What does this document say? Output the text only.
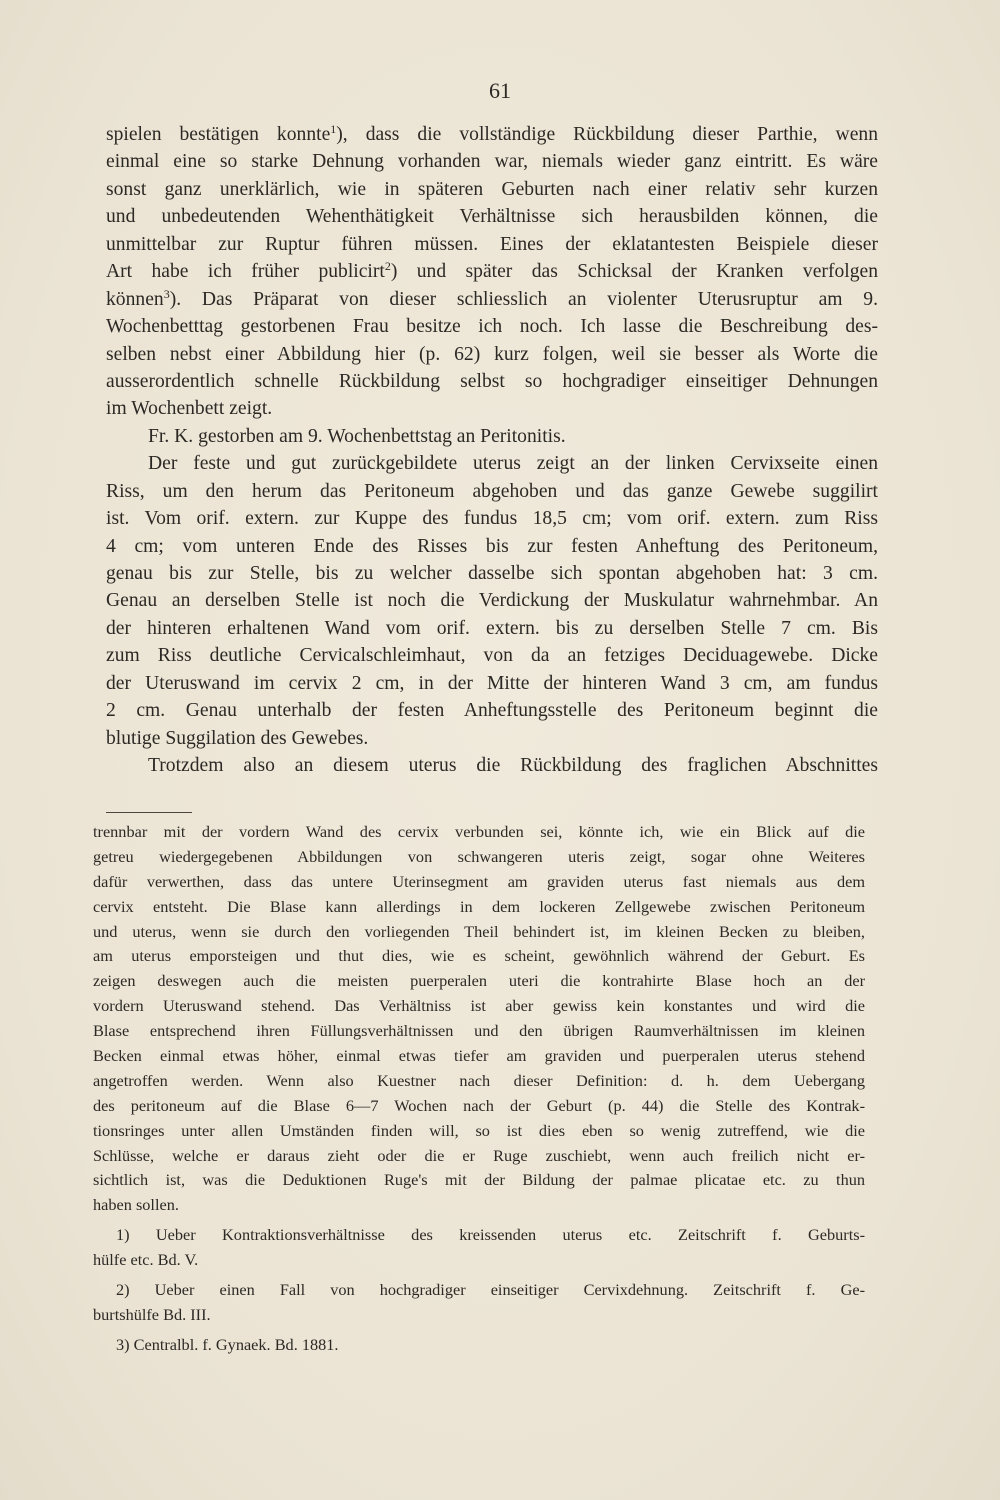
61
spielen bestätigen konnte$^1$), dass die vollständige Rückbildung dieser Parthie, wenn
einmal eine so starke Dehnung vorhanden war, niemals wieder ganz eintritt. Es wäre
sonst ganz unerklärlich, wie in späteren Geburten nach einer relativ sehr kurzen
und unbedeutenden Wehenthätigkeit Verhältnisse sich herausbilden können, die
unmittelbar zur Ruptur führen müssen. Eines der eklatantesten Beispiele dieser
Art habe ich früher publicirt$^2$) und später das Schicksal der Kranken verfolgen
können$^3$). Das Präparat von dieser schliesslich an violenter Uterusruptur am 9.
Wochenbetttag gestorbenen Frau besitze ich noch. Ich lasse die Beschreibung des-
selben nebst einer Abbildung hier (p. 62) kurz folgen, weil sie besser als Worte die
ausserordentlich schnelle Rückbildung selbst so hochgradiger einseitiger Dehnungen
im Wochenbett zeigt.
Fr. K. gestorben am 9. Wochenbettstag an Peritonitis.
Der feste und gut zurückgebildete uterus zeigt an der linken Cervixseite einen
Riss, um den herum das Peritoneum abgehoben und das ganze Gewebe suggilirt
ist. Vom orif. extern. zur Kuppe des fundus 18,5 cm; vom orif. extern. zum Riss
4 cm; vom unteren Ende des Risses bis zur festen Anheftung des Peritoneum,
genau bis zur Stelle, bis zu welcher dasselbe sich spontan abgehoben hat: 3 cm.
Genau an derselben Stelle ist noch die Verdickung der Muskulatur wahrnehmbar. An
der hinteren erhaltenen Wand vom orif. extern. bis zu derselben Stelle 7 cm. Bis
zum Riss deutliche Cervicalschleimhaut, von da an fetziges Deciduagewebe. Dicke
der Uteruswand im cervix 2 cm, in der Mitte der hinteren Wand 3 cm, am fundus
2 cm. Genau unterhalb der festen Anheftungsstelle des Peritoneum beginnt die
blutige Suggilation des Gewebes.
Trotzdem also an diesem uterus die Rückbildung des fraglichen Abschnittes
trennbar mit der vordern Wand des cervix verbunden sei, könnte ich, wie ein Blick auf die
getreu wiedergegebenen Abbildungen von schwangeren uteris zeigt, sogar ohne Weiteres
dafür verwerthen, dass das untere Uterinsegment am graviden uterus fast niemals aus dem
cervix entsteht. Die Blase kann allerdings in dem lockeren Zellgewebe zwischen Peritoneum
und uterus, wenn sie durch den vorliegenden Theil behindert ist, im kleinen Becken zu bleiben,
am uterus emporsteigen und thut dies, wie es scheint, gewöhnlich während der Geburt. Es
zeigen deswegen auch die meisten puerperalen uteri die kontrahirte Blase hoch an der
vordern Uteruswand stehend. Das Verhältniss ist aber gewiss kein konstantes und wird die
Blase entsprechend ihren Füllungsverhältnissen und den übrigen Raumverhältnissen im kleinen
Becken einmal etwas höher, einmal etwas tiefer am graviden und puerperalen uterus stehend
angetroffen werden. Wenn also Kuestner nach dieser Definition: d. h. dem Uebergang
des peritoneum auf die Blase 6—7 Wochen nach der Geburt (p. 44) die Stelle des Kontrak-
tionsringes unter allen Umständen finden will, so ist dies eben so wenig zutreffend, wie die
Schlüsse, welche er daraus zieht oder die er Ruge zuschiebt, wenn auch freilich nicht er-
sichtlich ist, was die Deduktionen Ruge's mit der Bildung der palmae plicatae etc. zu thun
haben sollen.
1) Ueber Kontraktionsverhältnisse des kreissenden uterus etc. Zeitschrift f. Geburts-
hülfe etc. Bd. V.
2) Ueber einen Fall von hochgradiger einseitiger Cervixdehnung. Zeitschrift f. Ge-
burtshülfe Bd. III.
3) Centralbl. f. Gynaek. Bd. 1881.
